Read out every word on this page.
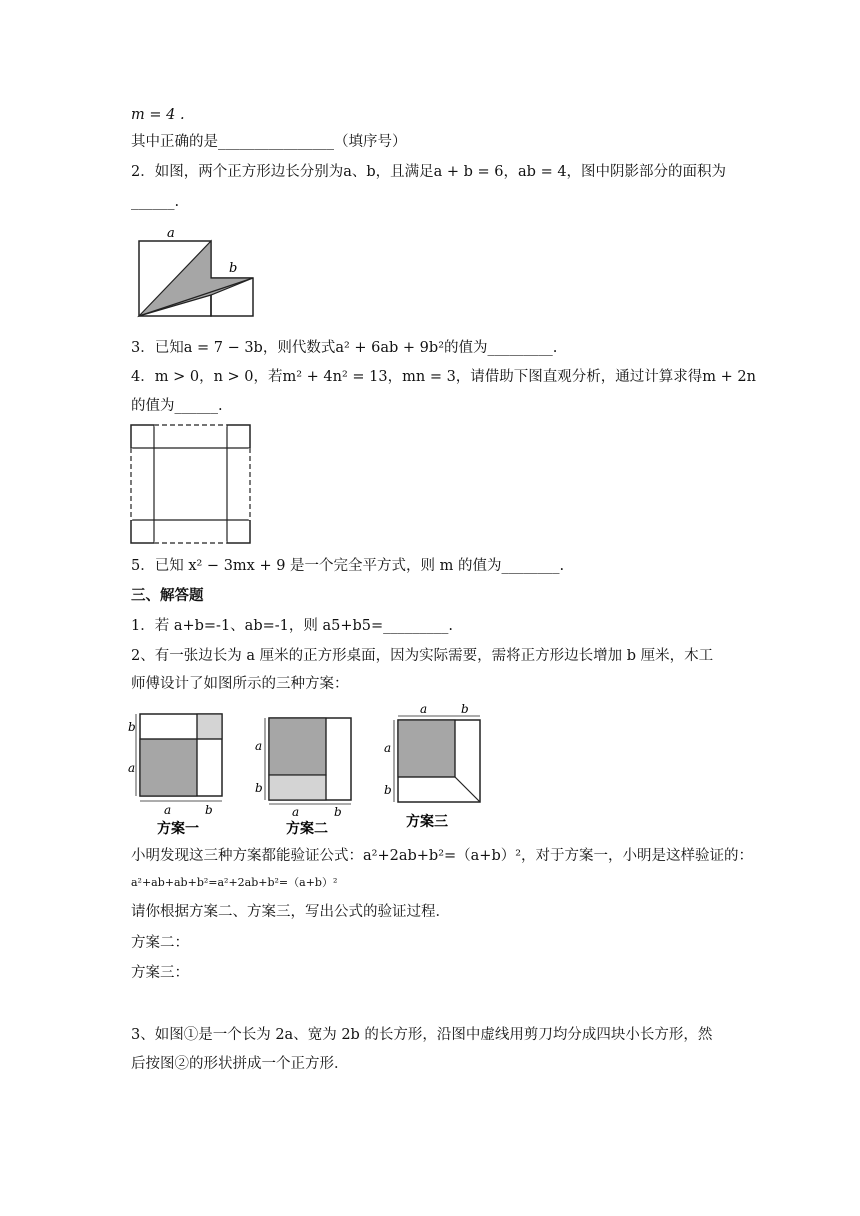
m = 4 .
其中正确的是________________（填序号）
2．如图，两个正方形边长分别为a、b，且满足a + b = 6，ab = 4，图中阴影部分的面积为
______.
a
b
3．已知a = 7 − 3b，则代数式a² + 6ab + 9b²的值为_________.
4．m > 0，n > 0，若m² + 4n² = 13，mn = 3，请借助下图直观分析，通过计算求得m + 2n
的值为______.
5．已知 x² − 3mx + 9 是一个完全平方式，则 m 的值为________.
三、解答题
1．若 a+b=-1、ab=-1，则 a5+b5=_________.
2、有一张边长为 a 厘米的正方形桌面，因为实际需要，需将正方形边长增加 b 厘米，木工
师傅设计了如图所示的三种方案：
b
a
a	b
方案一
a
b
a	b
方案二
a	b
a
b
方案三
小明发现这三种方案都能验证公式：a²+2ab+b²=（a+b）²，对于方案一，小明是这样验证的：
a²+ab+ab+b²=a²+2ab+b²=（a+b）²
请你根据方案二、方案三，写出公式的验证过程．
方案二：
方案三：
3、如图①是一个长为 2a、宽为 2b 的长方形，沿图中虚线用剪刀均分成四块小长方形，然
后按图②的形状拼成一个正方形．
